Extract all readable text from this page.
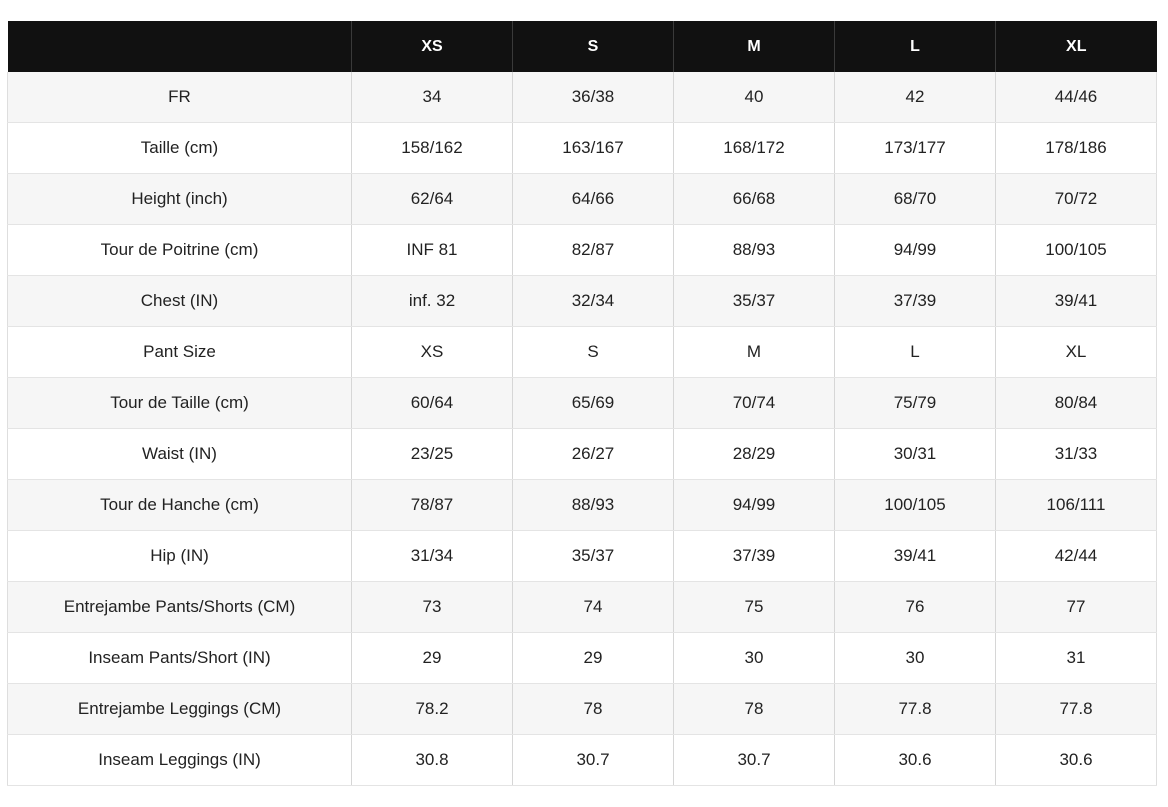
	XS	S	M	L	XL
FR	34	36/38	40	42	44/46
Taille (cm)	158/162	163/167	168/172	173/177	178/186
Height (inch)	62/64	64/66	66/68	68/70	70/72
Tour de Poitrine (cm)	INF 81	82/87	88/93	94/99	100/105
Chest (IN)	inf. 32	32/34	35/37	37/39	39/41
Pant Size	XS	S	M	L	XL
Tour de Taille (cm)	60/64	65/69	70/74	75/79	80/84
Waist (IN)	23/25	26/27	28/29	30/31	31/33
Tour de Hanche (cm)	78/87	88/93	94/99	100/105	106/111
Hip (IN)	31/34	35/37	37/39	39/41	42/44
Entrejambe Pants/Shorts (CM)	73	74	75	76	77
Inseam Pants/Short (IN)	29	29	30	30	31
Entrejambe Leggings (CM)	78.2	78	78	77.8	77.8
Inseam Leggings (IN)	30.8	30.7	30.7	30.6	30.6
